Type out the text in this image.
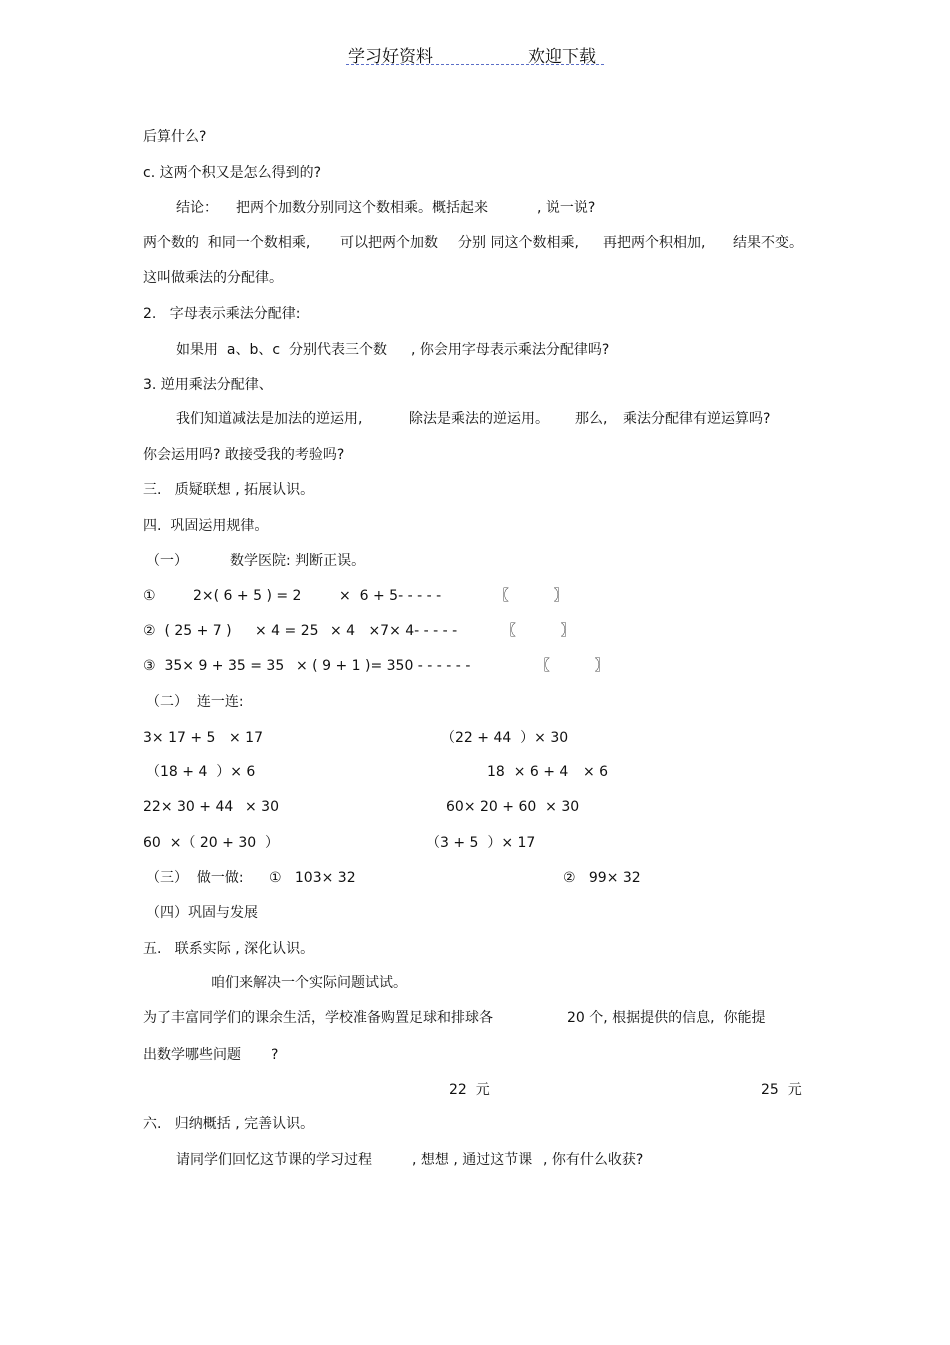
学习好资料	欢迎下载
后算什么?
c. 这两个积又是怎么得到的?
结论： 把两个加数分别同这个数相乘。概括起来	, 说一说?
两个数的  和同一个数相乘, 可以把两个加数 分别 同这个数相乘, 再把两个积相加, 结果不变。
这叫做乘法的分配律。
2.   字母表示乘法分配律:
如果用  a、b、c  分别代表三个数 , 你会用字母表示乘法分配律吗?
3. 逆用乘法分配律、
我们知道减法是加法的逆运用,	除法是乘法的逆运用。 那么, 乘法分配律有逆运算吗?
你会运用吗? 敢接受我的考验吗?
三.   质疑联想 , 拓展认识。
四.  巩固运用规律。
（一）	数学医院: 判断正误。
①	2×( 6 + 5 ) = 2	×  6 + 5- - - - -	〖          〗
②  ( 25 + 7 ) × 4 = 25 × 4   ×7× 4- - - - -	〖          〗
③  35× 9 + 35 = 35 × ( 9 + 1 )= 350 - - - - - -	〖          〗
（二）  连一连:
3× 17 + 5 × 17	（22 + 44  ）× 30
（18 + 4  ）× 6	18  × 6 + 4 × 6
22× 30 + 44 × 30	60× 20 + 60  × 30
60  ×（ 20 + 30  ）	（3 + 5  ）× 17
（三）  做一做: ①   103× 32	②   99× 32
（四）巩固与发展
五.   联系实际 , 深化认识。
咱们来解决一个实际问题试试。
为了丰富同学们的课余生活，学校准备购置足球和排球各	20 个, 根据提供的信息,  你能提
出数学哪些问题 ?
22  元	25  元
六.   归纳概括 , 完善认识。
请同学们回忆这节课的学习过程	, 想想 , 通过这节课 , 你有什么收获?
